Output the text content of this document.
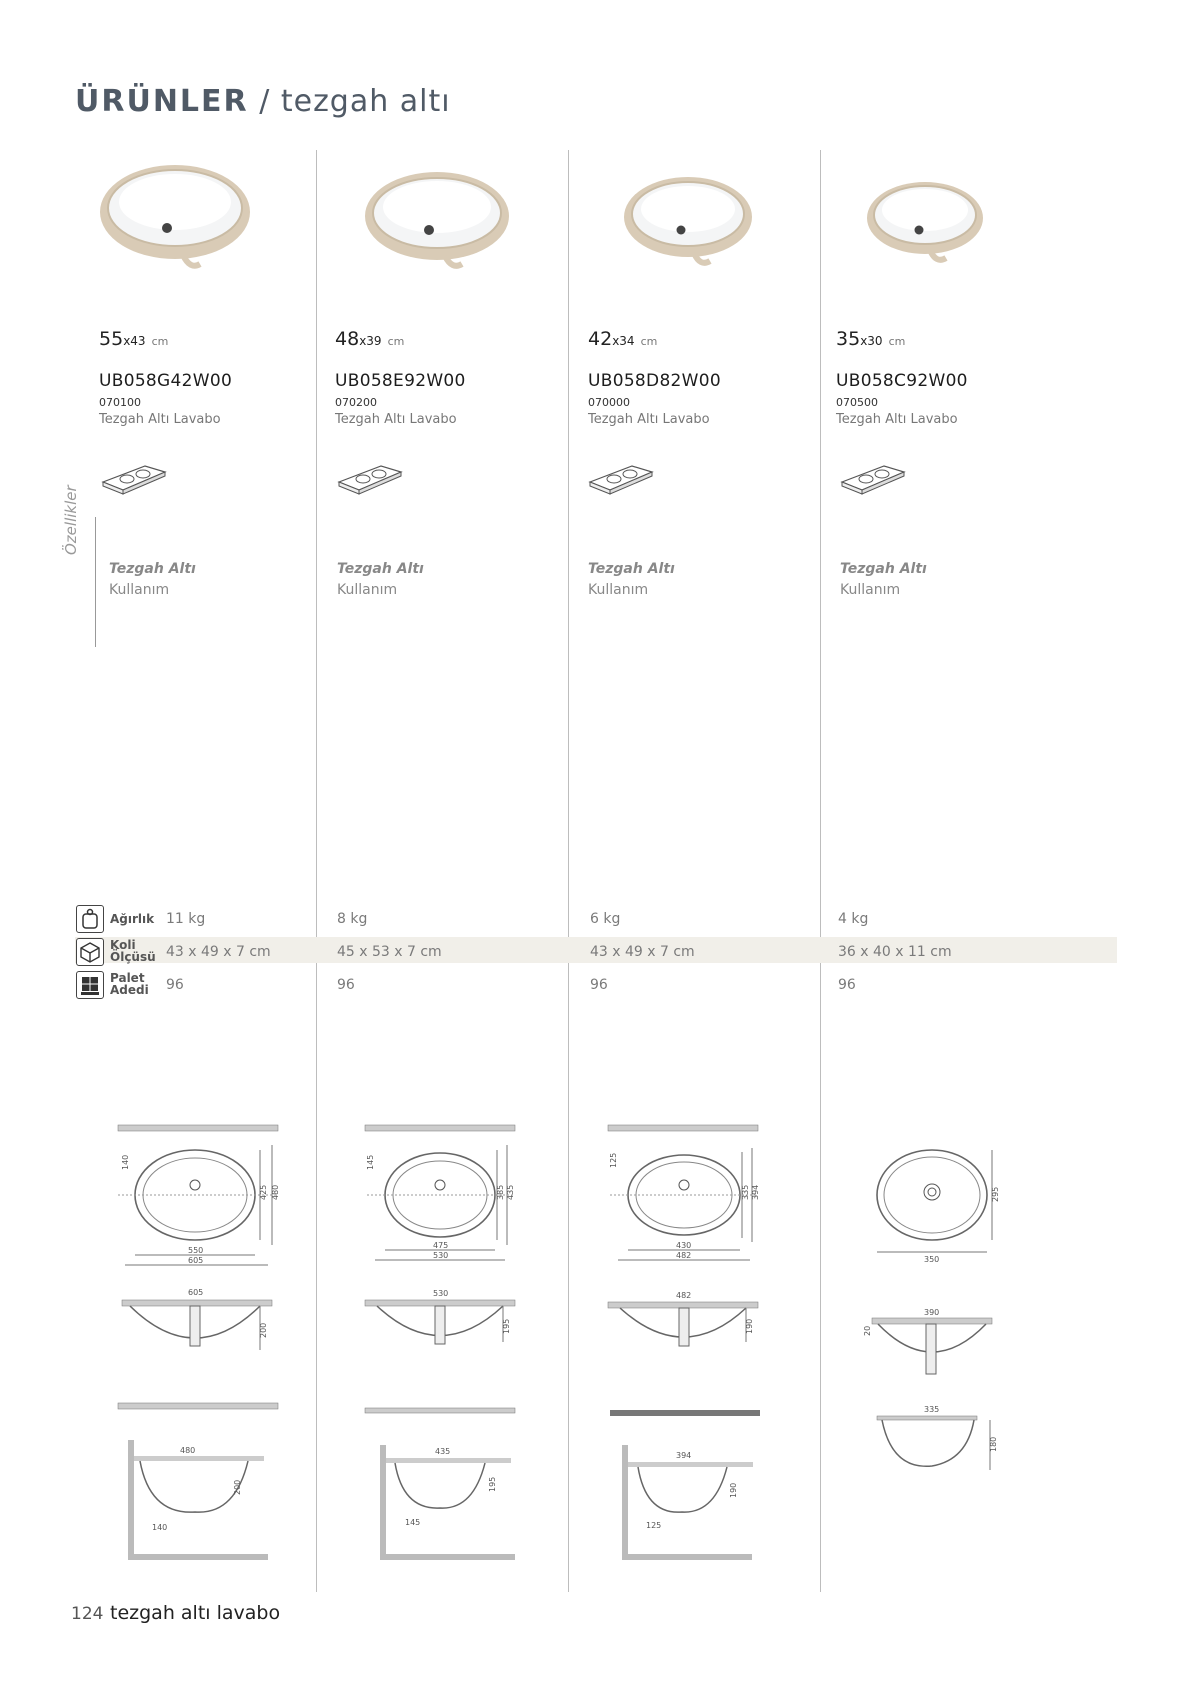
ÜRÜNLER / tezgah altı
Özellikler
Ağırlık
Koli
Ölçüsü
Palet
Adedi
55x43 cm
UB058G42W00
070100
Tezgah Altı Lavabo
Tezgah Altı
Kullanım
11 kg
43 x 49 x 7 cm
96
140
425 480
550
605
605
200
480
200
140
48x39 cm
UB058E92W00
070200
Tezgah Altı Lavabo
Tezgah Altı
Kullanım
8 kg
45 x 53 x 7 cm
96
145
385 435
475
530
530
195
435
195
145
42x34 cm
UB058D82W00
070000
Tezgah Altı Lavabo
Tezgah Altı
Kullanım
6 kg
43 x 49 x 7 cm
96
125
335 394
430
482
482
190
394
190
125
35x30 cm
UB058C92W00
070500
Tezgah Altı Lavabo
Tezgah Altı
Kullanım
4 kg
36 x 40 x 11 cm
96
295
350
390
20
335
180
124 tezgah altı lavabo
